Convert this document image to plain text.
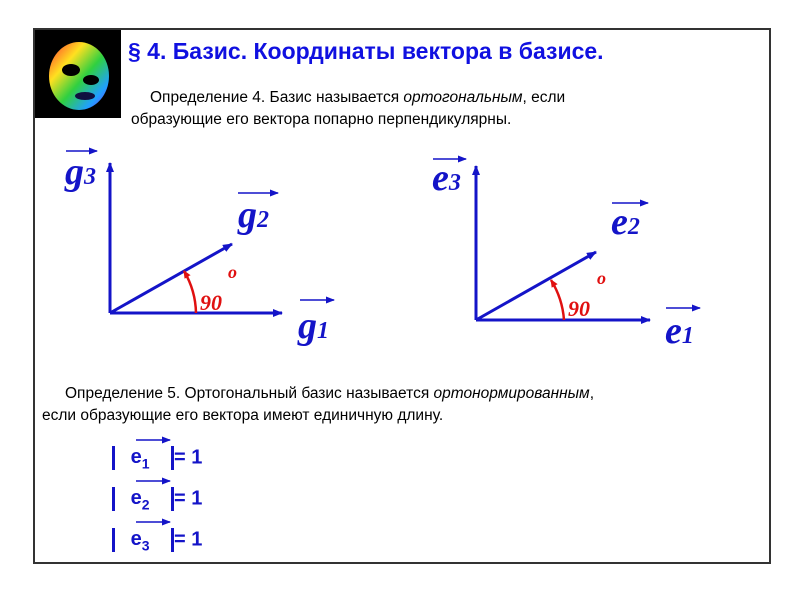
§ 4. Базис. Координаты вектора в базисе.
Определение 4. Базис называется ортогональным, если
образующие его вектора попарно перпендикулярны.
g3
g2
g1
o
90
e3
e2
e1
o
90
Определение 5. Ортогональный базис называется ортонормированным,
если образующие его вектора имеют единичную длину.
$e_1 = 1$
$e_2 = 1$
$e_3 = 1$
